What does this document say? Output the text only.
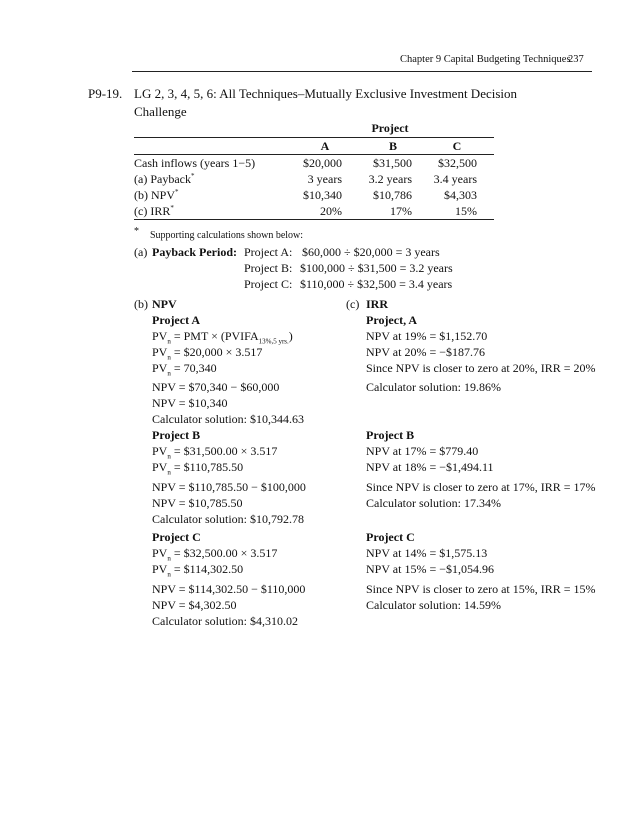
Chapter 9 Capital Budgeting Techniques
237
P9-19. LG 2, 3, 4, 5, 6: All Techniques–Mutually Exclusive Investment Decision
Challenge
Project
A	B	C
Cash inflows (years 1−5)	$20,000	$31,500	$32,500
(a) Payback*	3 years	3.2 years	3.4 years
(b) NPV*	$10,340	$10,786	$4,303
(c) IRR*	20%	17%	15%
* Supporting calculations shown below:
(a) Payback Period: Project A: $60,000 ÷ $20,000 = 3 years
Project B: $100,000 ÷ $31,500 = 3.2 years
Project C: $110,000 ÷ $32,500 = 3.4 years
(b) NPV
Project A
$PV_n$ = PMT × $(PVIFA_{13\%,5 yrs.})$
$PV_n$ = $20,000 × 3.517
$PV_n = 70,340$
NPV = $70,340 − $60,000
NPV = $10,340
Calculator solution: $10,344.63
Project B
$PV_n$ = $31,500.00 × 3.517
$PV_n$ = $110,785.50
NPV = $110,785.50 − $100,000
NPV = $10,785.50
Calculator solution: $10,792.78
Project C
$PV_n$ = $32,500.00 × 3.517
$PV_n$ = $114,302.50
NPV = $114,302.50 − $110,000
NPV = $4,302.50
Calculator solution: $4,310.02
(c) IRR
Project, A
NPV at 19% = $1,152.70
NPV at 20% = −$187.76
Since NPV is closer to zero at 20%, IRR = 20%
Calculator solution: 19.86%
Project B
NPV at 17% = $779.40
NPV at 18% = −$1,494.11
Since NPV is closer to zero at 17%, IRR = 17%
Calculator solution: 17.34%
Project C
NPV at 14% = $1,575.13
NPV at 15% = −$1,054.96
Since NPV is closer to zero at 15%, IRR = 15%
Calculator solution: 14.59%
